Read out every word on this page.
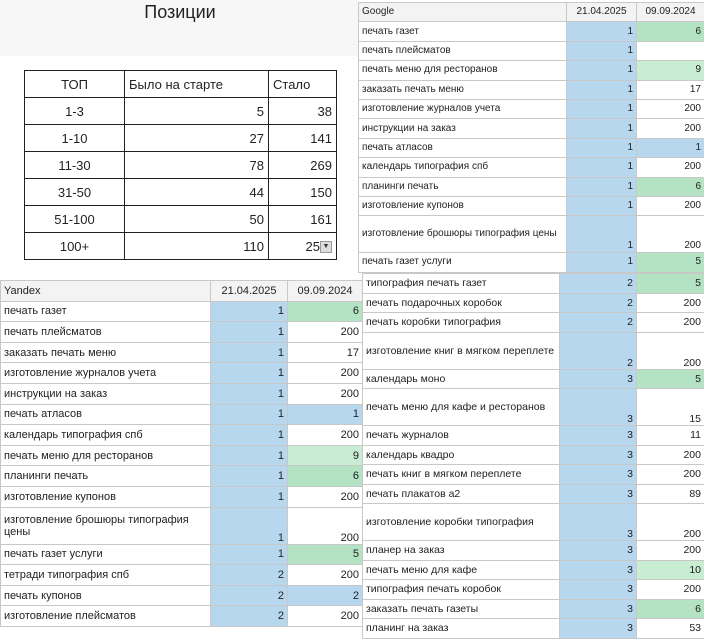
Позиции
ТОП	Было на старте	Стало
1-3	5	38
1-10	27	141
11-30	78	269
31-50	44	150
51-100	50	161
100+	110	25 ▼
Google	21.04.2025	09.09.2024
печать газет	1	6
печать плейсматов	1	
печать меню для ресторанов	1	9
заказать печать меню	1	17
изготовление журналов учета	1	200
инструкции на заказ	1	200
печать атласов	1	1
календарь типография спб	1	200
планинги печать	1	6
изготовление купонов	1	200
изготовление брошюры типография цены	1	200
печать газет услуги	1	5
Yandex	21.04.2025	09.09.2024
печать газет	1	6
печать плейсматов	1	200
заказать печать меню	1	17
изготовление журналов учета	1	200
инструкции на заказ	1	200
печать атласов	1	1
календарь типография спб	1	200
печать меню для ресторанов	1	9
планинги печать	1	6
изготовление купонов	1	200
изготовление брошюры типография цены	1	200
печать газет услуги	1	5
тетради типография спб	2	200
печать купонов	2	2
изготовление плейсматов	2	200
типография печать газет	2	5
печать подарочных коробок	2	200
печать коробки типография	2	200
изготовление книг в мягком переплете	2	200
календарь моно	3	5
печать меню для кафе и ресторанов	3	15
печать журналов	3	11
календарь квадро	3	200
печать книг в мягком переплете	3	200
печать плакатов а2	3	89
изготовление коробки типография	3	200
планер на заказ	3	200
печать меню для кафе	3	10
типография печать коробок	3	200
заказать печать газеты	3	6
планинг на заказ	3	53
